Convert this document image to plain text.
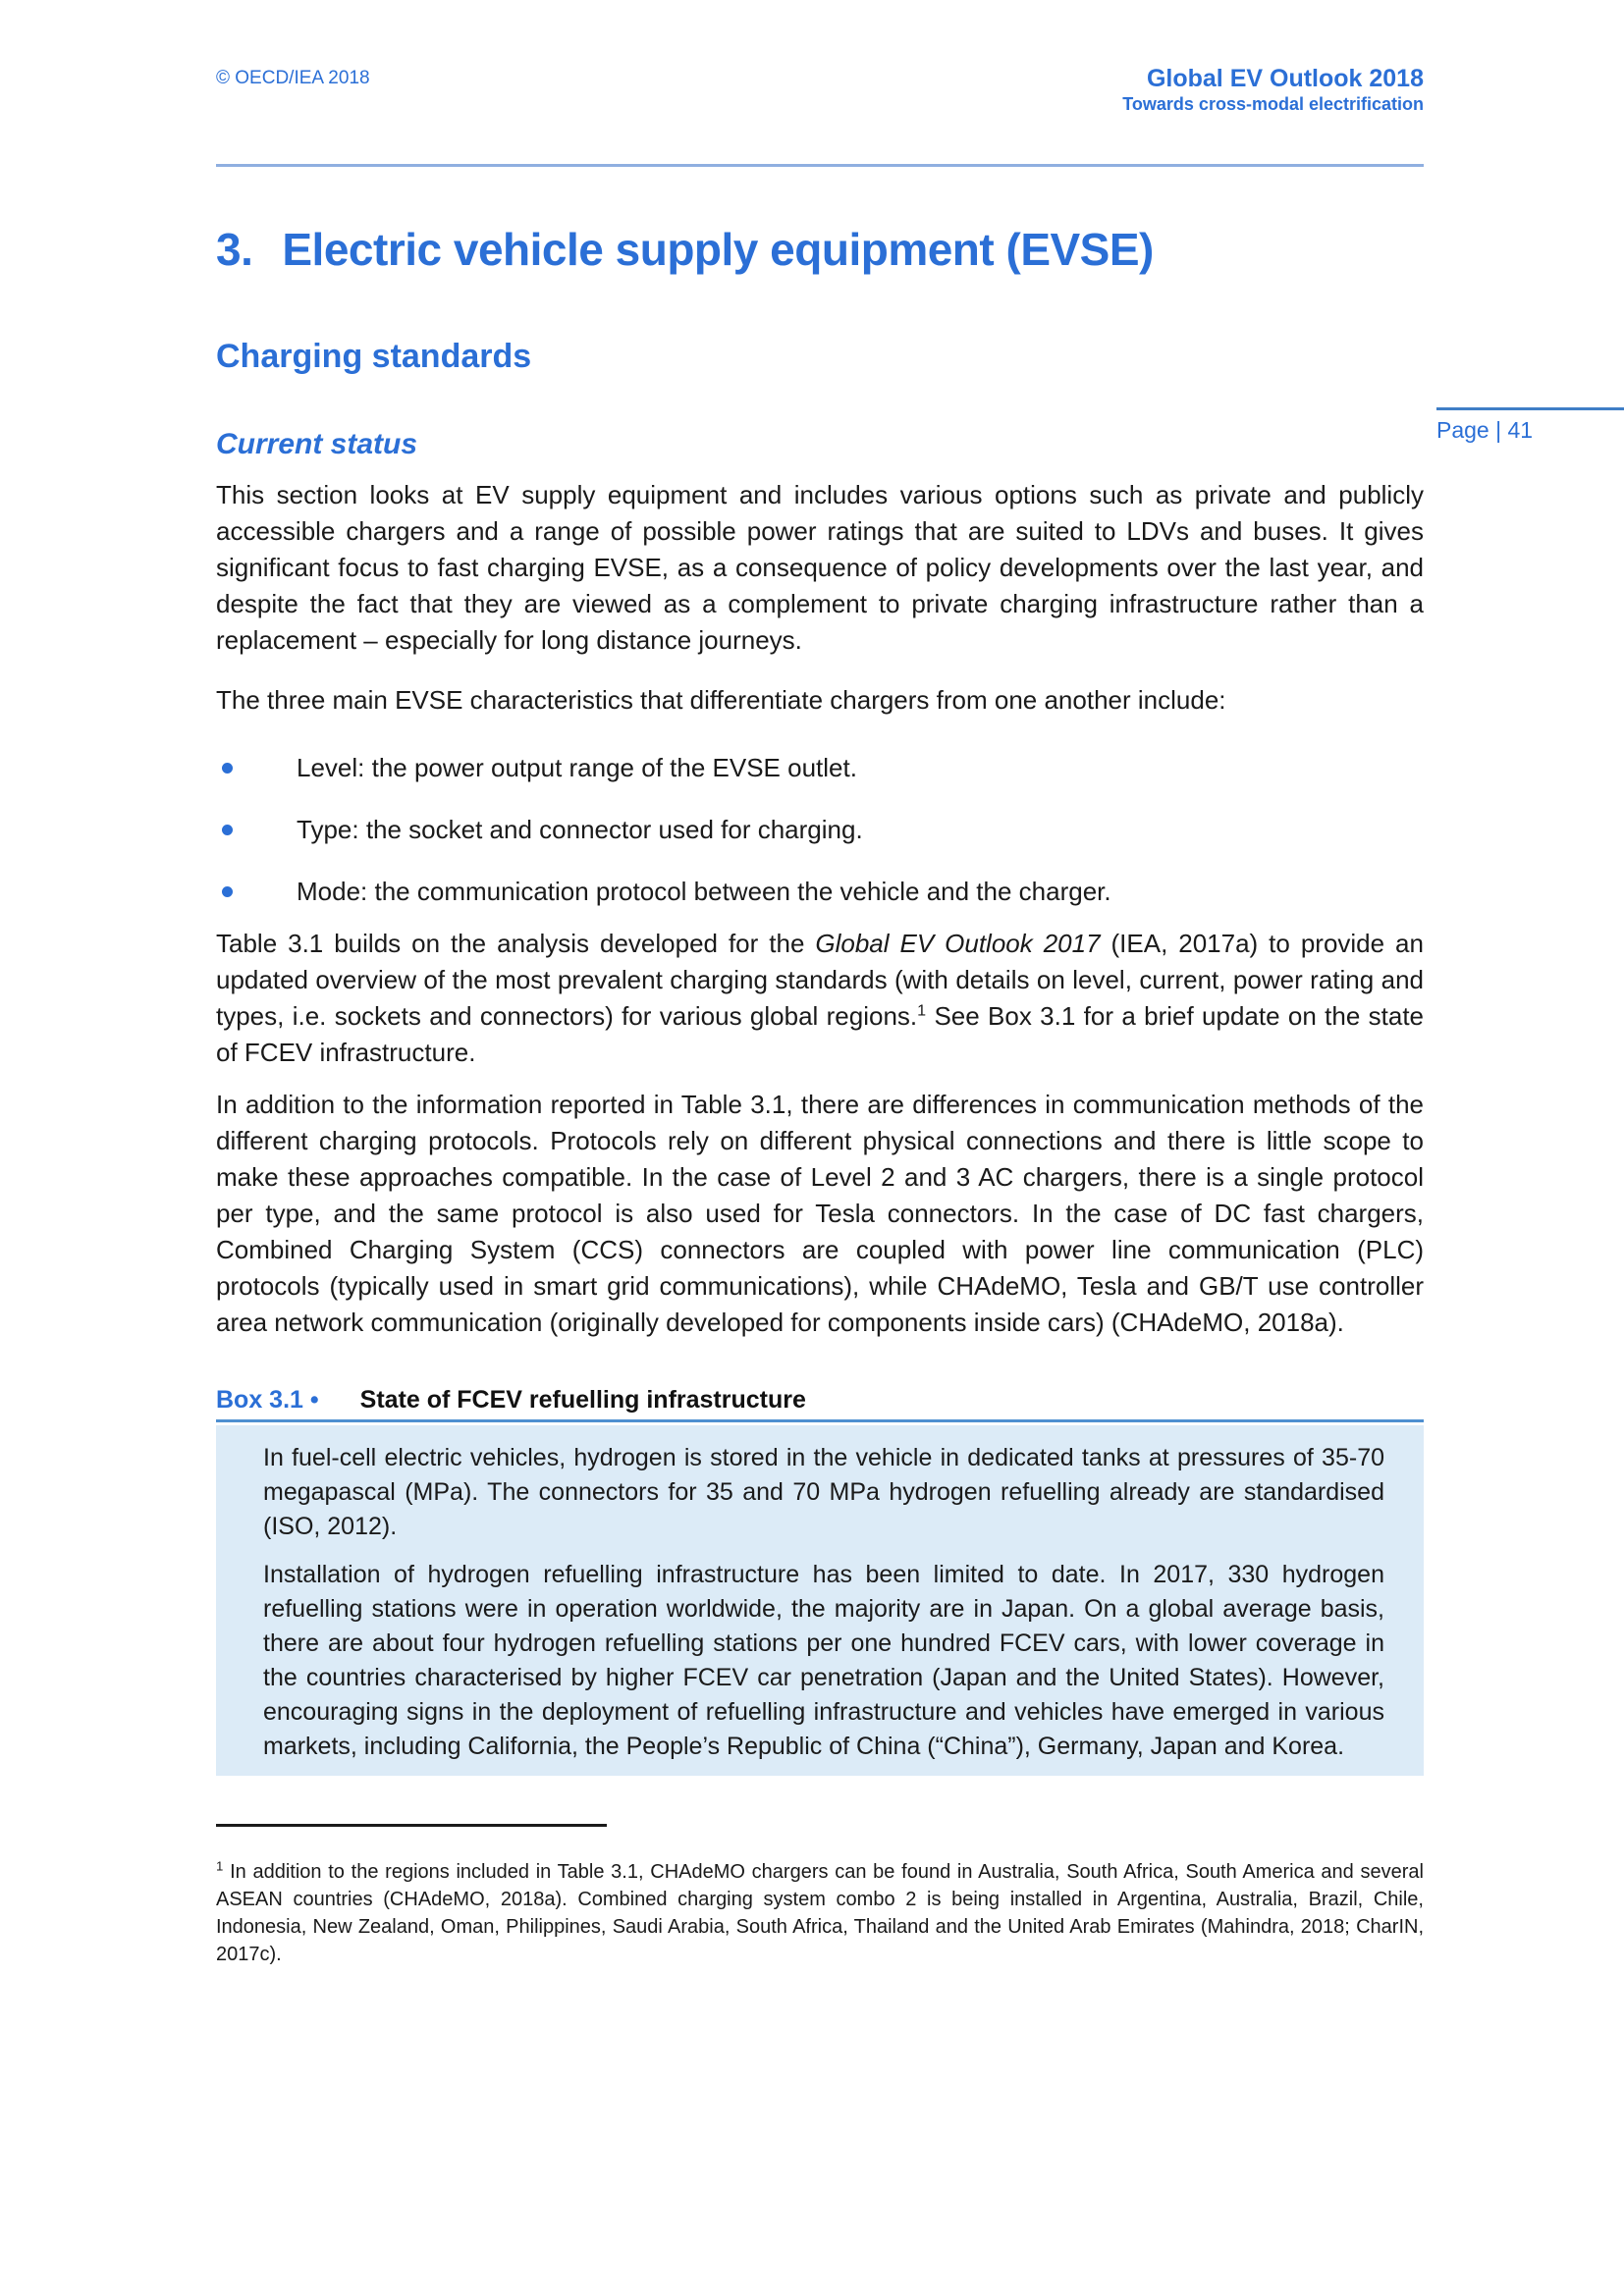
© OECD/IEA 2018	Global EV Outlook 2018
Towards cross-modal electrification
Page | 41
3. Electric vehicle supply equipment (EVSE)
Charging standards
Current status

This section looks at EV supply equipment and includes various options such as private and publicly accessible chargers and a range of possible power ratings that are suited to LDVs and buses. It gives significant focus to fast charging EVSE, as a consequence of policy developments over the last year, and despite the fact that they are viewed as a complement to private charging infrastructure rather than a replacement – especially for long distance journeys.

The three main EVSE characteristics that differentiate chargers from one another include:

Level: the power output range of the EVSE outlet.
Type: the socket and connector used for charging.
Mode: the communication protocol between the vehicle and the charger.

Table 3.1 builds on the analysis developed for the Global EV Outlook 2017 (IEA, 2017a) to provide an updated overview of the most prevalent charging standards (with details on level, current, power rating and types, i.e. sockets and connectors) for various global regions.$^1$ See Box 3.1 for a brief update on the state of FCEV infrastructure.

In addition to the information reported in Table 3.1, there are differences in communication methods of the different charging protocols. Protocols rely on different physical connections and there is little scope to make these approaches compatible. In the case of Level 2 and 3 AC chargers, there is a single protocol per type, and the same protocol is also used for Tesla connectors. In the case of DC fast chargers, Combined Charging System (CCS) connectors are coupled with power line communication (PLC) protocols (typically used in smart grid communications), while CHAdeMO, Tesla and GB/T use controller area network communication (originally developed for components inside cars) (CHAdeMO, 2018a).

Box 3.1 • State of FCEV refuelling infrastructure

In fuel-cell electric vehicles, hydrogen is stored in the vehicle in dedicated tanks at pressures of 35-70 megapascal (MPa). The connectors for 35 and 70 MPa hydrogen refuelling already are standardised (ISO, 2012).

Installation of hydrogen refuelling infrastructure has been limited to date. In 2017, 330 hydrogen refuelling stations were in operation worldwide, the majority are in Japan. On a global average basis, there are about four hydrogen refuelling stations per one hundred FCEV cars, with lower coverage in the countries characterised by higher FCEV car penetration (Japan and the United States). However, encouraging signs in the deployment of refuelling infrastructure and vehicles have emerged in various markets, including California, the People’s Republic of China (“China”), Germany, Japan and Korea.

$^1$ In addition to the regions included in Table 3.1, CHAdeMO chargers can be found in Australia, South Africa, South America and several ASEAN countries (CHAdeMO, 2018a). Combined charging system combo 2 is being installed in Argentina, Australia, Brazil, Chile, Indonesia, New Zealand, Oman, Philippines, Saudi Arabia, South Africa, Thailand and the United Arab Emirates (Mahindra, 2018; CharIN, 2017c).
